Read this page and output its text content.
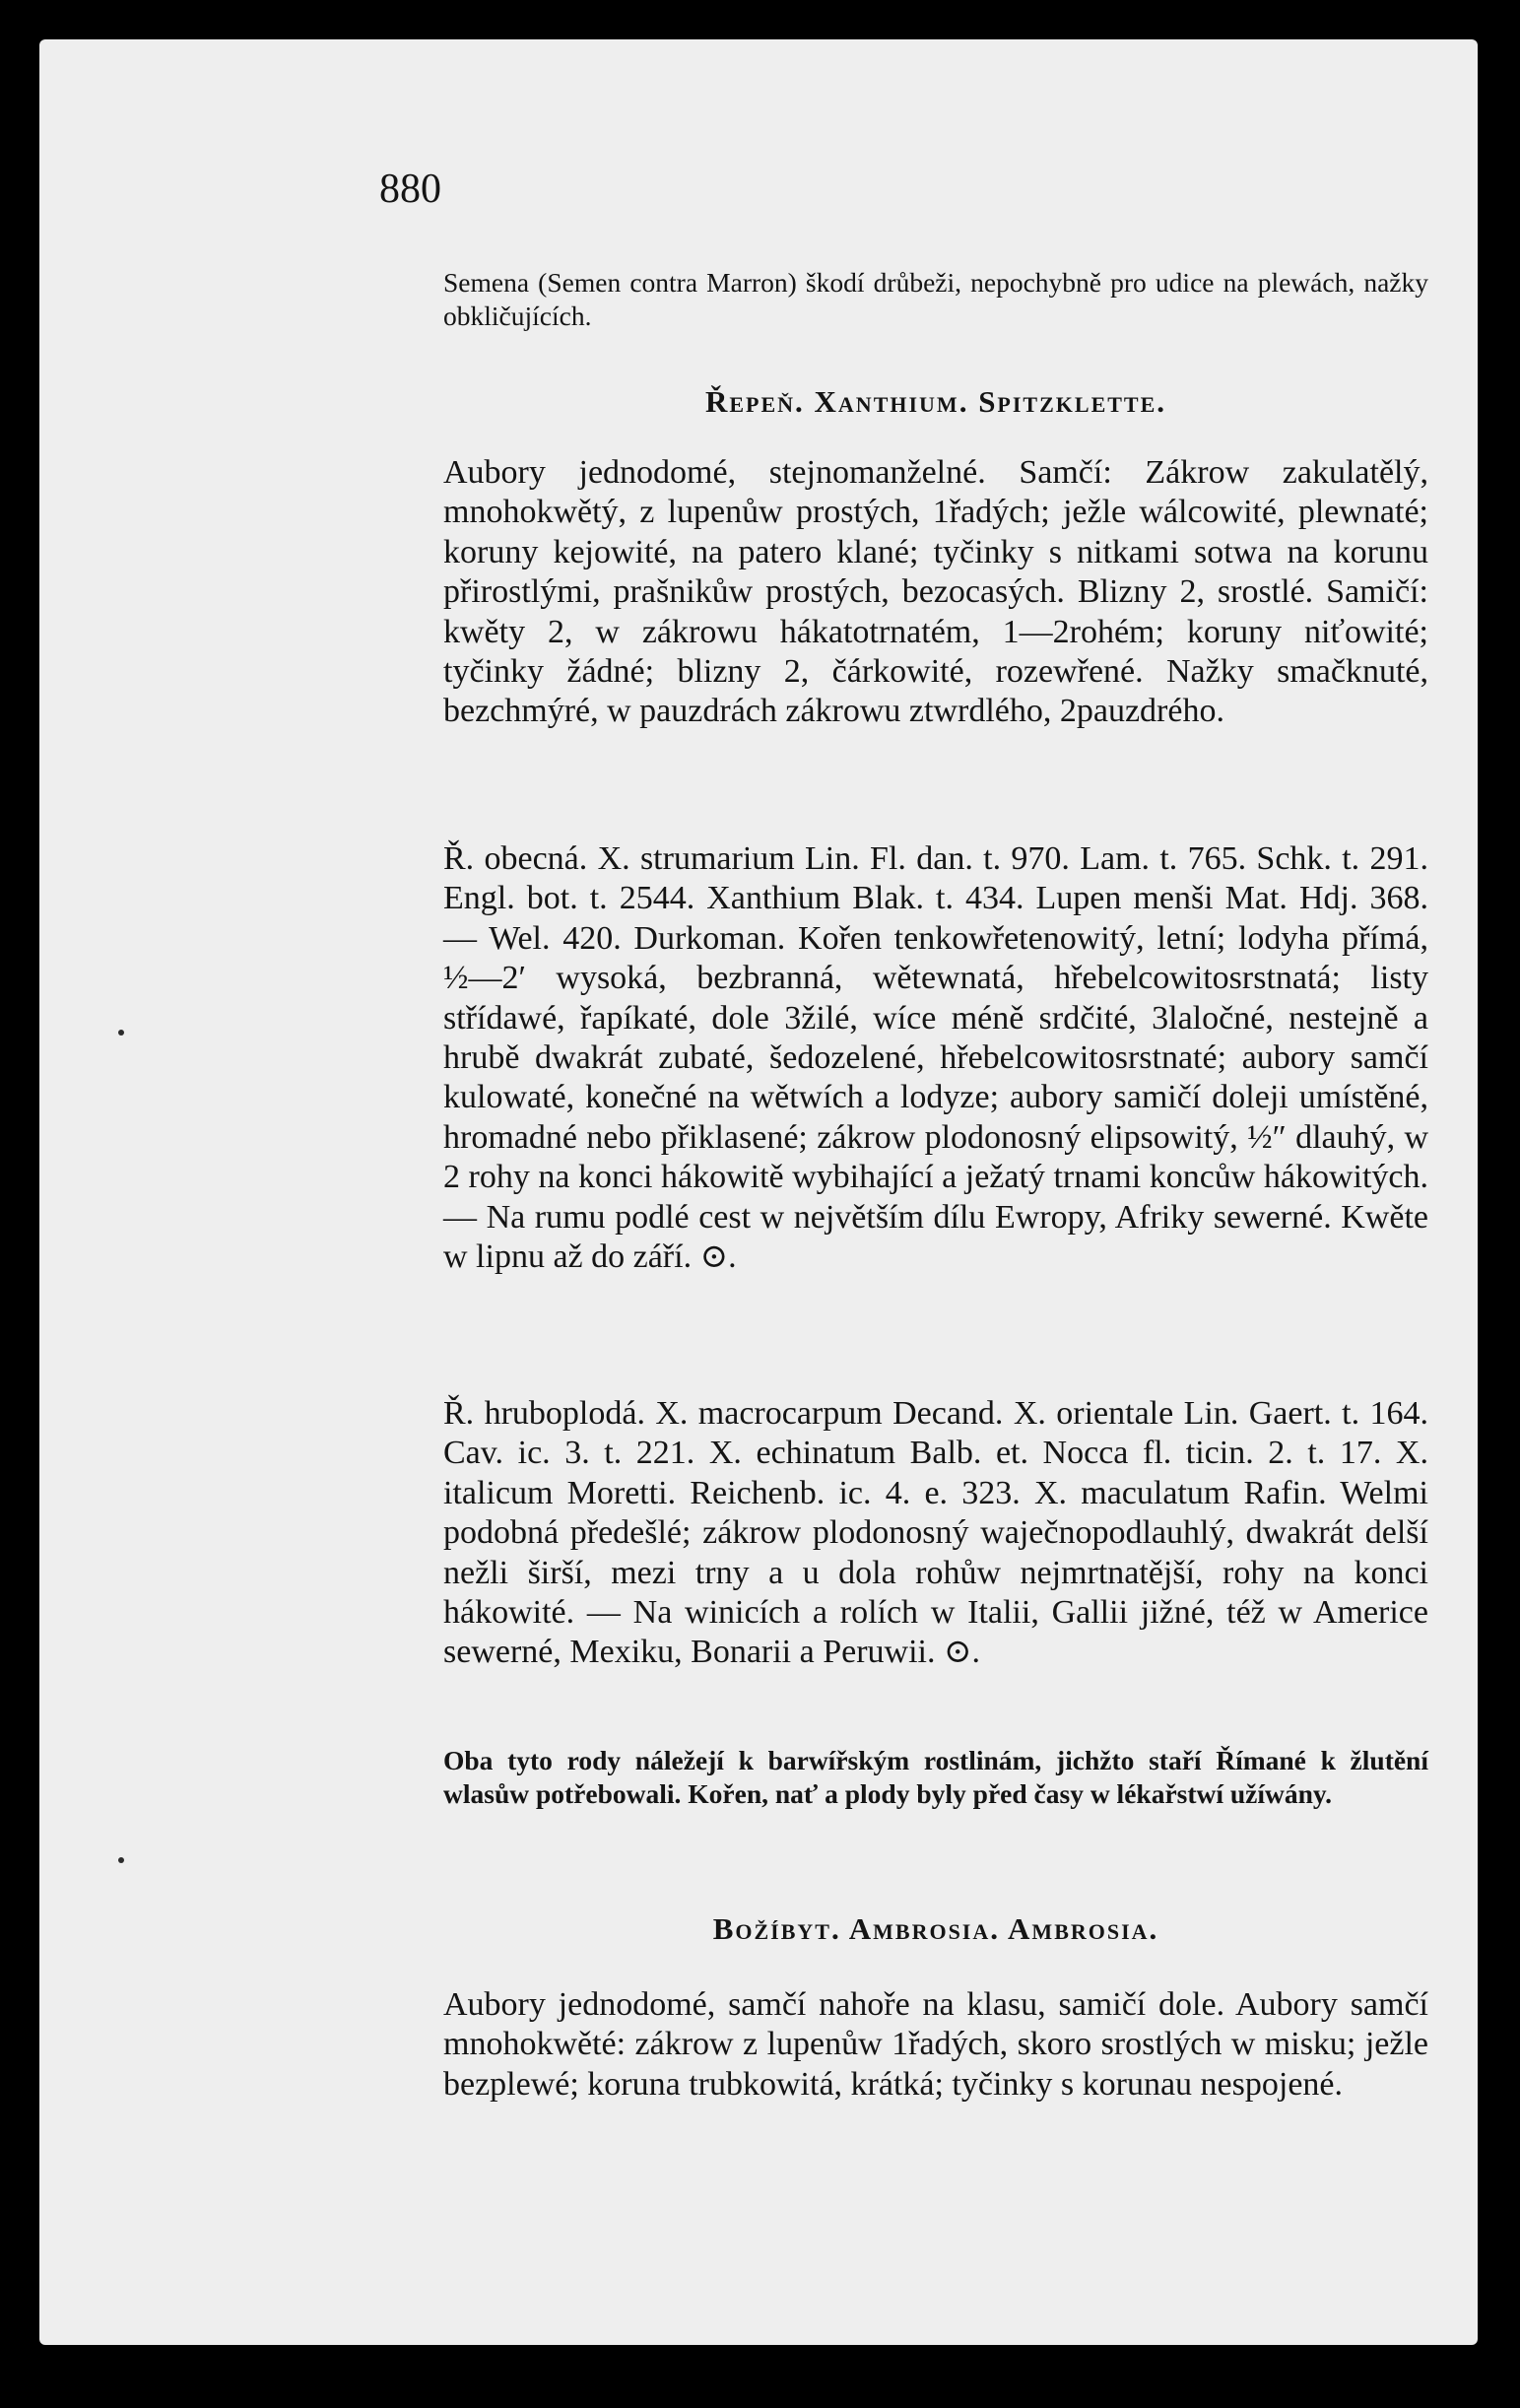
880

Semena (Semen contra Marron) škodí drůbeži, nepochybně pro udice na plewách, nažky obkličujících.

Řepeň. Xanthium. Spitzklette.

Aubory jednodomé, stejnomanželné. Samčí: Zákrow zakulatělý, mnohokwětý, z lupenůw prostých, 1řadých; ježle wálcowité, plewnaté; koruny kejowité, na patero klané; tyčinky s nitkami sotwa na korunu přirostlými, prašnikůw prostých, bezocasých. Blizny 2, srostlé. Samičí: kwěty 2, w zákrowu hákatotrnatém, 1—2rohém; koruny niťowité; tyčinky žádné; blizny 2, čárkowité, rozewřené. Nažky smačknuté, bezchmýré, w pauzdrách zákrowu ztwrdlého, 2pauzdrého.

Ř. obecná. X. strumarium Lin. Fl. dan. t. 970. Lam. t. 765. Schk. t. 291. Engl. bot. t. 2544. Xanthium Blak. t. 434. Lupen menši Mat. Hdj. 368. — Wel. 420. Durkoman. Kořen tenkowřetenowitý, letní; lodyha přímá, ½—2′ wysoká, bezbranná, wětewnatá, hřebelcowitosrstnatá; listy střídawé, řapíkaté, dole 3žilé, wíce méně srdčité, 3laločné, nestejně a hrubě dwakrát zubaté, šedozelené, hřebelcowitosrstnaté; aubory samčí kulowaté, konečné na wětwích a lodyze; aubory samičí doleji umístěné, hromadné nebo přiklasené; zákrow plodonosný elipsowitý, ½″ dlauhý, w 2 rohy na konci hákowitě wybihající a ježatý trnami koncůw hákowitých. — Na rumu podlé cest w největším dílu Ewropy, Afriky sewerné. Kwěte w lipnu až do září. ⊙.

Ř. hruboplodá. X. macrocarpum Decand. X. orientale Lin. Gaert. t. 164. Cav. ic. 3. t. 221. X. echinatum Balb. et. Nocca fl. ticin. 2. t. 17. X. italicum Moretti. Reichenb. ic. 4. e. 323. X. maculatum Rafin. Welmi podobná předešlé; zákrow plodonosný waječnopodlauhlý, dwakrát delší nežli širší, mezi trny a u dola rohůw nejmrtnatější, rohy na konci hákowité. — Na winicích a rolích w Italii, Gallii jižné, též w Americe sewerné, Mexiku, Bonarii a Peruwii. ⊙.

Oba tyto rody náležejí k barwířským rostlinám, jichžto staří Římané k žlutění wlasůw potřebowali. Kořen, nať a plody byly před časy w lékařstwí užíwány.

Božíbyt. Ambrosia. Ambrosia.

Aubory jednodomé, samčí nahoře na klasu, samičí dole. Aubory samčí mnohokwěté: zákrow z lupenůw 1řadých, skoro srostlých w misku; ježle bezplewé; koruna trubkowitá, krátká; tyčinky s korunau nespojené.
